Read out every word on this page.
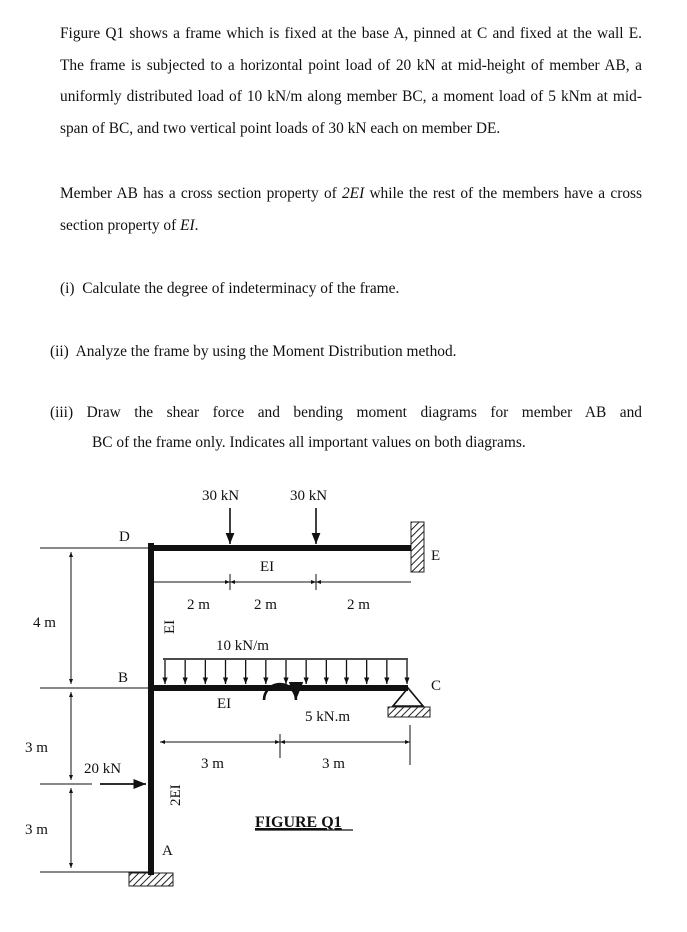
Figure Q1 shows a frame which is fixed at the base A, pinned at C and fixed at the wall E. The frame is subjected to a horizontal point load of 20 kN at mid-height of member AB, a uniformly distributed load of 10 kN/m along member BC, a moment load of 5 kNm at mid-span of BC, and two vertical point loads of 30 kN each on member DE.

Member AB has a cross section property of 2EI while the rest of the members have a cross section property of EI.

(i) Calculate the degree of indeterminacy of the frame.

(ii) Analyze the frame by using the Moment Distribution method.

(iii) Draw the shear force and bending moment diagrams for member AB and
BC of the frame only. Indicates all important values on both diagrams.
30 kN	30 kN
10 kN/m
5 kN.m
20 kN
D
B
A
E
C
EI
EI
EI
2EI
2 m	2 m	2 m
3 m	3 m
4 m
3 m
3 m	FIGURE Q1
